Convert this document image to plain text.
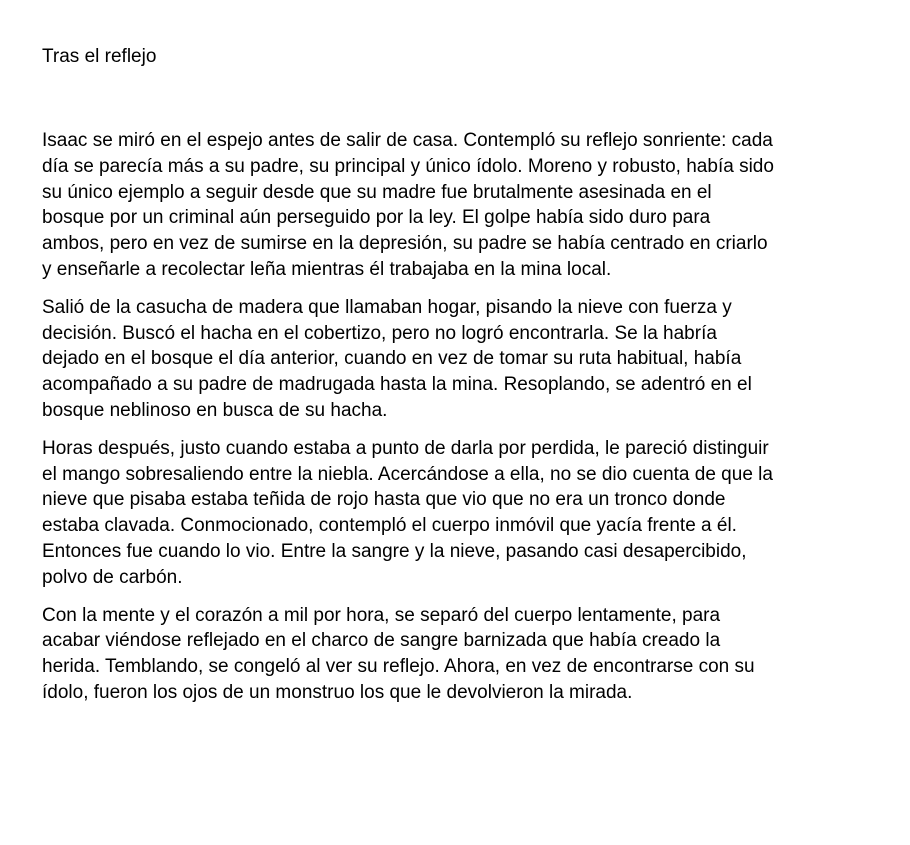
Tras el reflejo

Isaac se miró en el espejo antes de salir de casa. Contempló su reflejo sonriente: cada
día se parecía más a su padre, su principal y único ídolo. Moreno y robusto, había sido
su único ejemplo a seguir desde que su madre fue brutalmente asesinada en el
bosque por un criminal aún perseguido por la ley. El golpe había sido duro para
ambos, pero en vez de sumirse en la depresión, su padre se había centrado en criarlo
y enseñarle a recolectar leña mientras él trabajaba en la mina local.

Salió de la casucha de madera que llamaban hogar, pisando la nieve con fuerza y
decisión. Buscó el hacha en el cobertizo, pero no logró encontrarla. Se la habría
dejado en el bosque el día anterior, cuando en vez de tomar su ruta habitual, había
acompañado a su padre de madrugada hasta la mina. Resoplando, se adentró en el
bosque neblinoso en busca de su hacha.

Horas después, justo cuando estaba a punto de darla por perdida, le pareció distinguir
el mango sobresaliendo entre la niebla. Acercándose a ella, no se dio cuenta de que la
nieve que pisaba estaba teñida de rojo hasta que vio que no era un tronco donde
estaba clavada. Conmocionado, contempló el cuerpo inmóvil que yacía frente a él.
Entonces fue cuando lo vio. Entre la sangre y la nieve, pasando casi desapercibido,
polvo de carbón.

Con la mente y el corazón a mil por hora, se separó del cuerpo lentamente, para
acabar viéndose reflejado en el charco de sangre barnizada que había creado la
herida. Temblando, se congeló al ver su reflejo. Ahora, en vez de encontrarse con su
ídolo, fueron los ojos de un monstruo los que le devolvieron la mirada.
